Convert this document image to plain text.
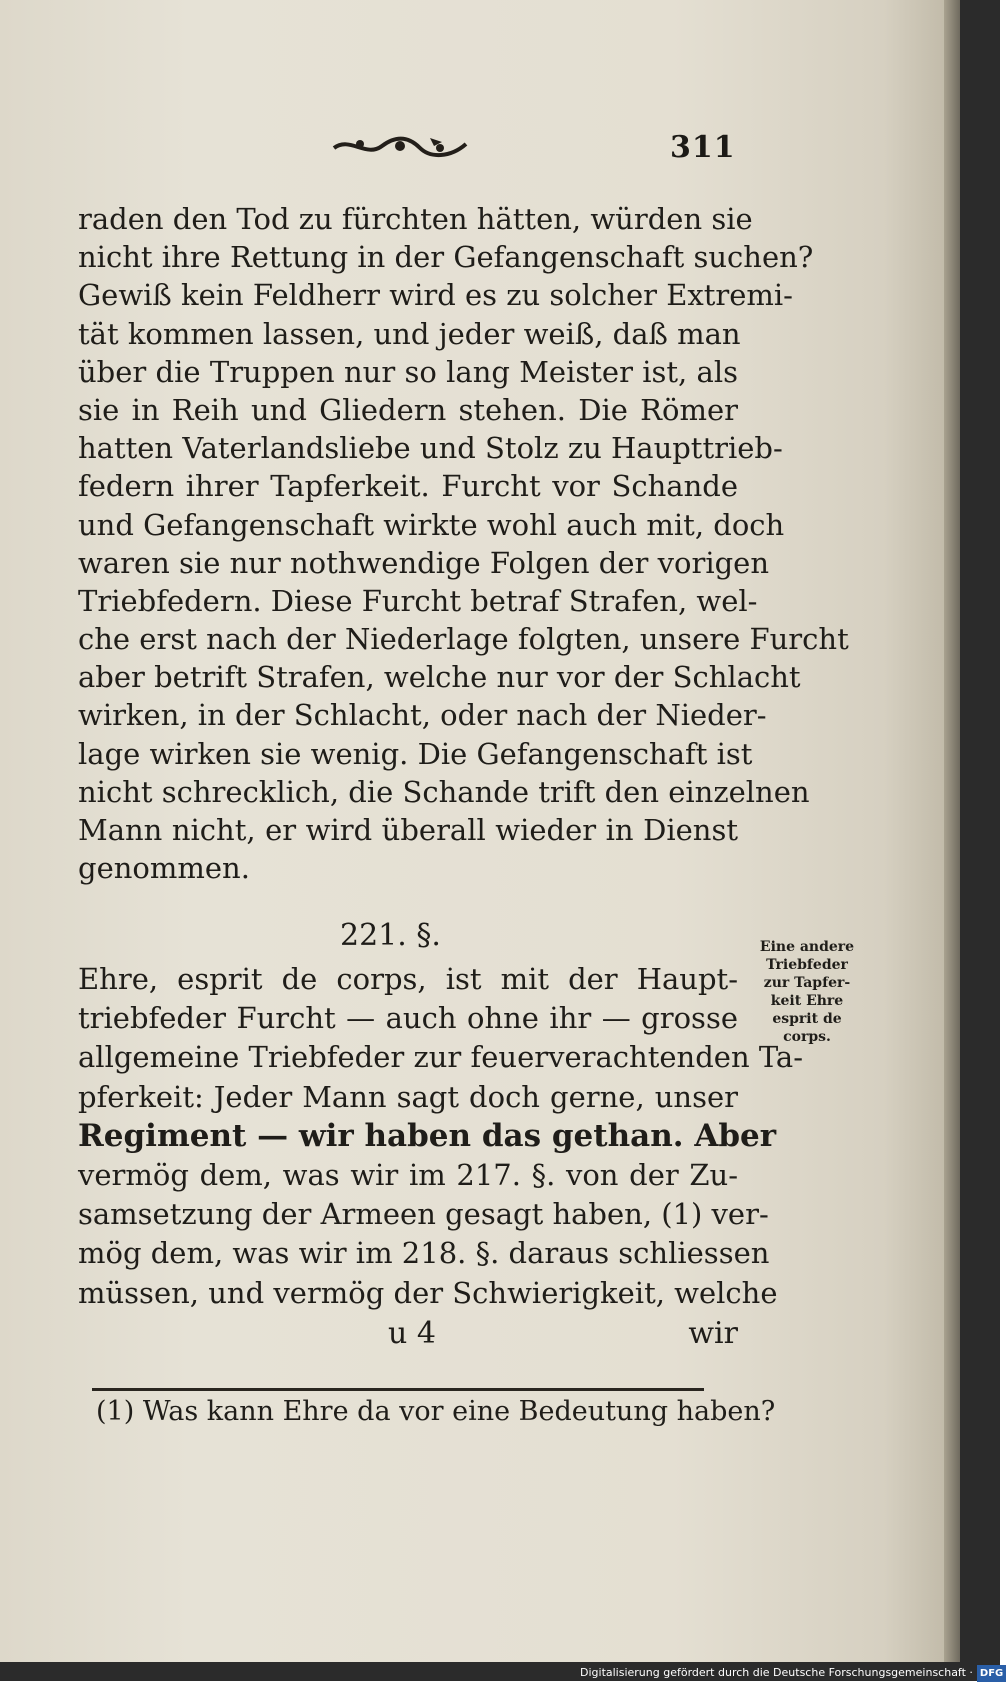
311
raden den Tod zu fürchten hätten, würden sie
nicht ihre Rettung in der Gefangenschaft suchen?
Gewiß kein Feldherr wird es zu solcher Extremi-
tät kommen lassen, und jeder weiß, daß man
über die Truppen nur so lang Meister ist, als
sie in Reih und Gliedern stehen. Die Römer
hatten Vaterlandsliebe und Stolz zu Haupttrieb-
federn ihrer Tapferkeit. Furcht vor Schande
und Gefangenschaft wirkte wohl auch mit, doch
waren sie nur nothwendige Folgen der vorigen
Triebfedern. Diese Furcht betraf Strafen, wel-
che erst nach der Niederlage folgten, unsere Furcht
aber betrift Strafen, welche nur vor der Schlacht
wirken, in der Schlacht, oder nach der Nieder-
lage wirken sie wenig. Die Gefangenschaft ist
nicht schrecklich, die Schande trift den einzelnen
Mann nicht, er wird überall wieder in Dienst
genommen.
221. §.	Eine andere
Triebfeder
zur Tapfer-
keit Ehre
esprit de
corps.
Ehre, esprit de corps, ist mit der Haupt-
triebfeder Furcht — auch ohne ihr — grosse
allgemeine Triebfeder zur feuerverachtenden Ta-
pferkeit: Jeder Mann sagt doch gerne, unser
Regiment — wir haben das gethan. Aber
vermög dem, was wir im 217. §. von der Zu-
samsetzung der Armeen gesagt haben, (1) ver-
mög dem, was wir im 218. §. daraus schliessen
müssen, und vermög der Schwierigkeit, welche
u 4	wir
(1) Was kann Ehre da vor eine Bedeutung haben?
Digitalisierung gefördert durch die Deutsche Forschungsgemeinschaft · DFG
